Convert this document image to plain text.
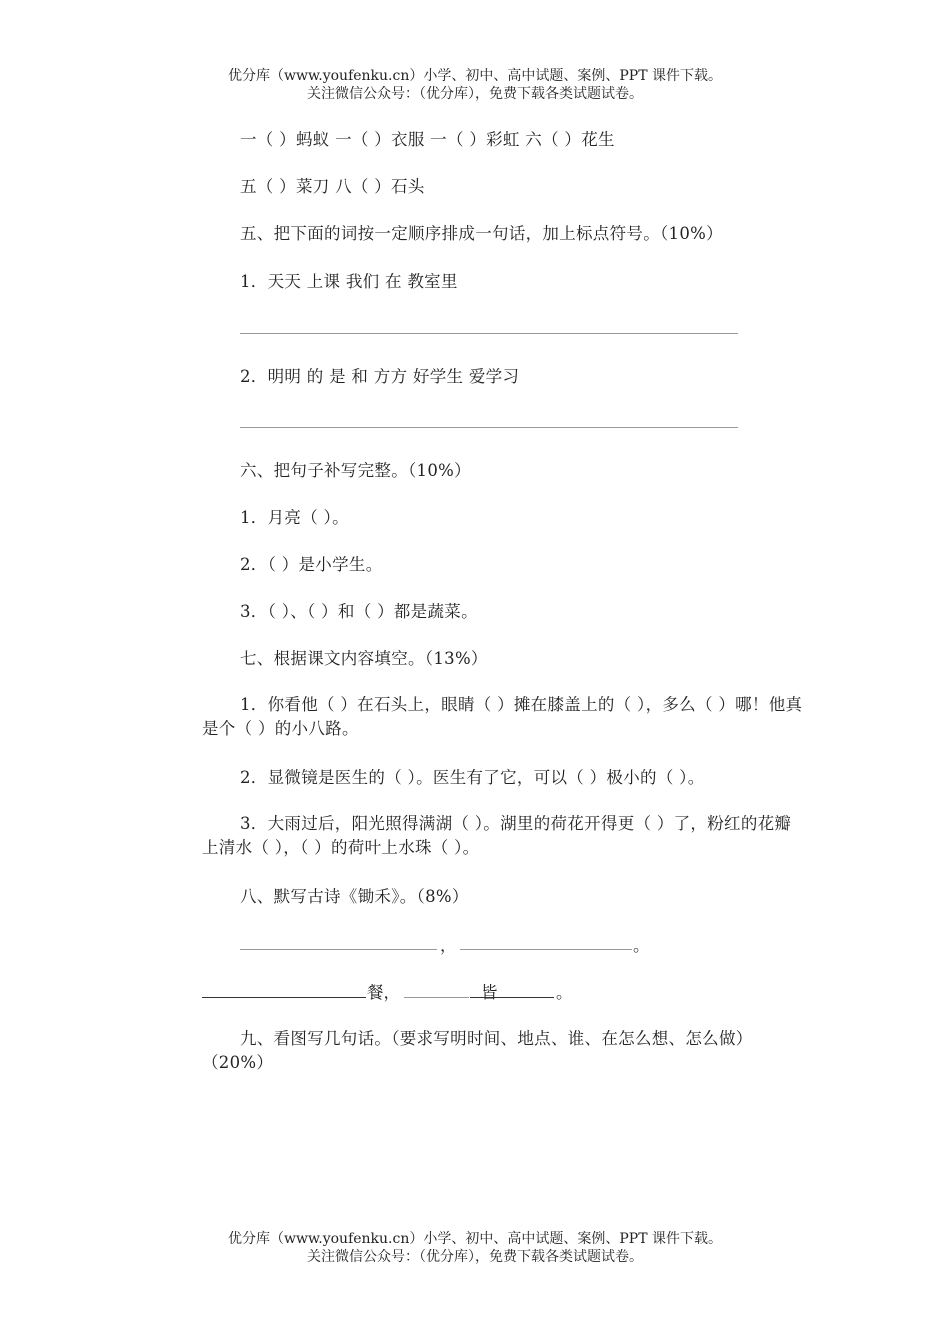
优分库（www.youfenku.cn）小学、初中、高中试题、案例、PPT 课件下载。
关注微信公众号：（优分库），免费下载各类试题试卷。
一（ ）蚂蚁 一（ ）衣服 一（ ）彩虹 六（ ）花生
五（ ）菜刀 八（ ）石头
五、把下面的词按一定顺序排成一句话，加上标点符号。（10%）
1．天天 上课 我们 在 教室里
2．明明 的 是 和 方方 好学生 爱学习
六、把句子补写完整。（10%）
1．月亮（ ）。
2．（ ）是小学生。
3．（ ）、（ ）和（ ）都是蔬菜。
七、根据课文内容填空。（13%）
1．你看他（ ）在石头上，眼睛（ ）摊在膝盖上的（ ），多么（ ）哪！他真是个（ ）的小八路。
2．显微镜是医生的（ ）。医生有了它，可以（ ）极小的（ ）。
3．大雨过后，阳光照得满湖（ ）。湖里的荷花开得更（ ）了，粉红的花瓣上清水（ ），（ ）的荷叶上水珠（ ）。
八、默写古诗《锄禾》。（8%）
，	。
餐，	皆	。
九、看图写几句话。（要求写明时间、地点、谁、在怎么想、怎么做）（20%）
优分库（www.youfenku.cn）小学、初中、高中试题、案例、PPT 课件下载。
关注微信公众号：（优分库），免费下载各类试题试卷。
